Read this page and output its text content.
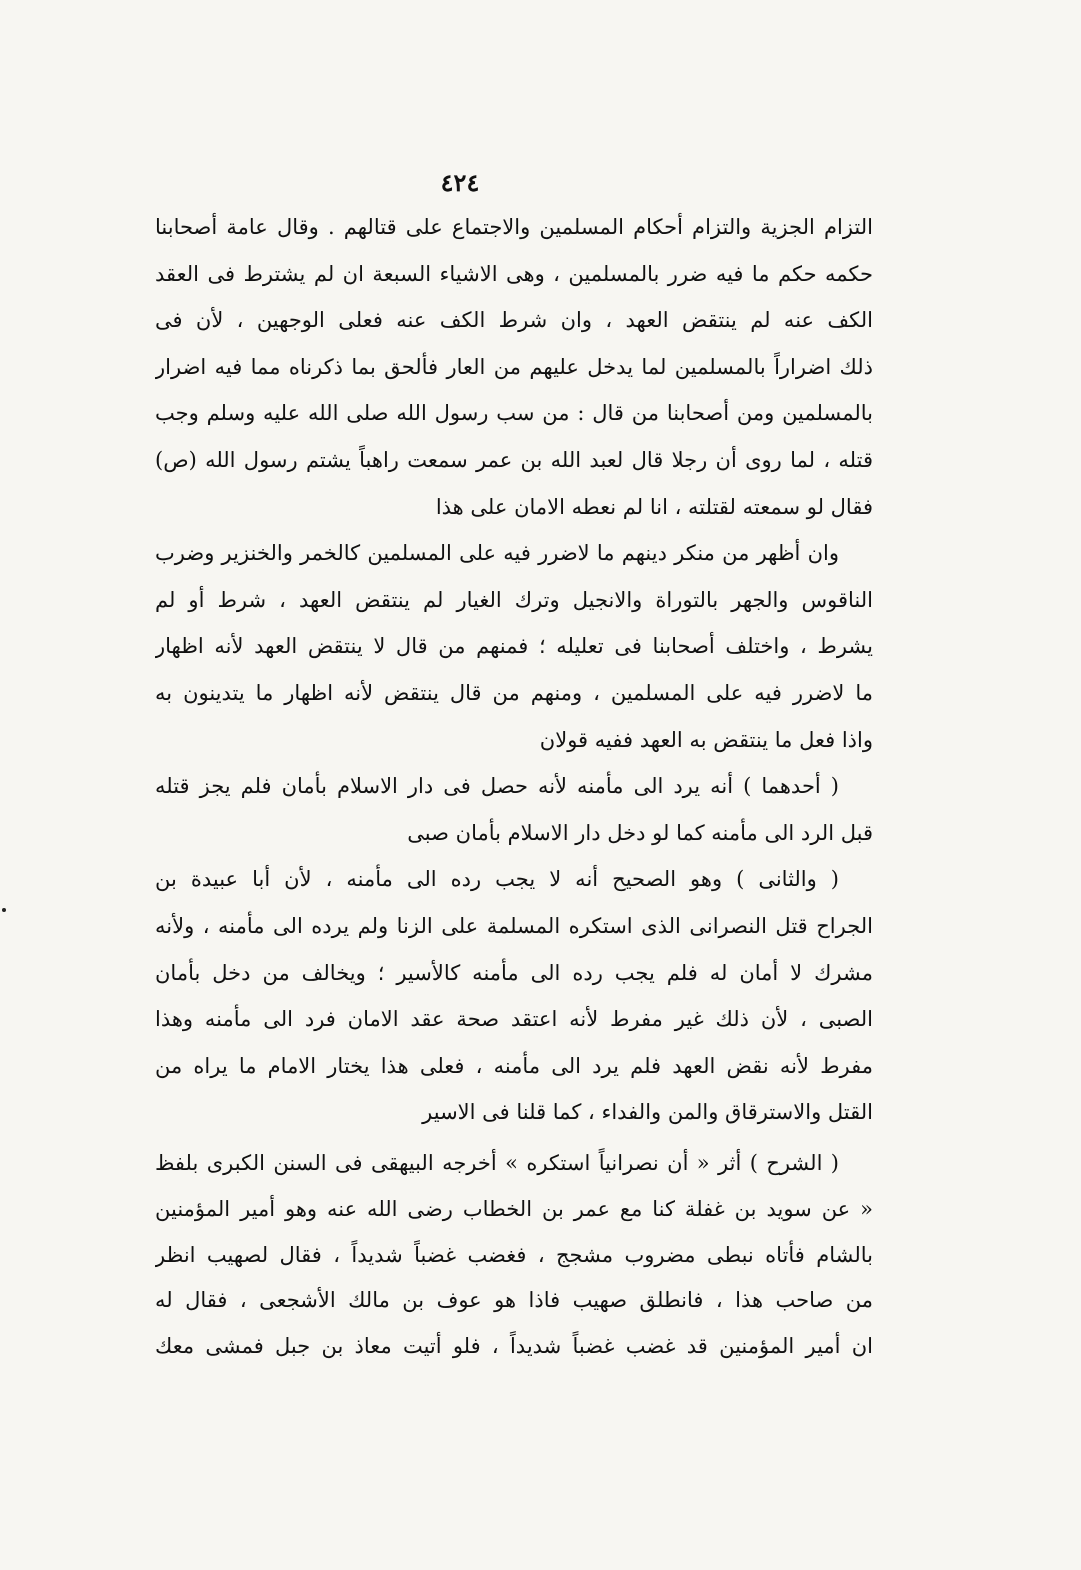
٤٢٤
التزام الجزية والتزام أحكام المسلمين والاجتماع على قتالهم . وقال عامة أصحابنا
حكمه حكم ما فيه ضرر بالمسلمين ، وهى الاشياء السبعة ان لم يشترط فى العقد
الكف عنه لم ينتقض العهد ، وان شرط الكف عنه فعلى الوجهين ، لأن فى
ذلك اضراراً بالمسلمين لما يدخل عليهم من العار فألحق بما ذكرناه مما فيه اضرار
بالمسلمين ومن أصحابنا من قال : من سب رسول الله صلى الله عليه وسلم وجب
قتله ، لما روى أن رجلا قال لعبد الله بن عمر سمعت راهباً يشتم رسول الله (ص)
فقال لو سمعته لقتلته ، انا لم نعطه الامان على هذا
وان أظهر من منكر دينهم ما لاضرر فيه على المسلمين كالخمر والخنزير وضرب
الناقوس والجهر بالتوراة والانجيل وترك الغيار لم ينتقض العهد ، شرط أو لم
يشرط ، واختلف أصحابنا فى تعليله ؛ فمنهم من قال لا ينتقض العهد لأنه اظهار
ما لاضرر فيه على المسلمين ، ومنهم من قال ينتقض لأنه اظهار ما يتدينون به
واذا فعل ما ينتقض به العهد ففيه قولان
( أحدهما ) أنه يرد الى مأمنه لأنه حصل فى دار الاسلام بأمان فلم يجز قتله
قبل الرد الى مأمنه كما لو دخل دار الاسلام بأمان صبى
( والثانى ) وهو الصحيح أنه لا يجب رده الى مأمنه ، لأن أبا عبيدة بن
الجراح قتل النصرانى الذى استكره المسلمة على الزنا ولم يرده الى مأمنه ، ولأنه
مشرك لا أمان له فلم يجب رده الى مأمنه كالأسير ؛ ويخالف من دخل بأمان
الصبى ، لأن ذلك غير مفرط لأنه اعتقد صحة عقد الامان فرد الى مأمنه وهذا
مفرط لأنه نقض العهد فلم يرد الى مأمنه ، فعلى هذا يختار الامام ما يراه من
القتل والاسترقاق والمن والفداء ، كما قلنا فى الاسير
( الشرح ) أثر « أن نصرانياً استكره » أخرجه البيهقى فى السنن الكبرى بلفظ
« عن سويد بن غفلة كنا مع عمر بن الخطاب رضى الله عنه وهو أمير المؤمنين
بالشام فأتاه نبطى مضروب مشجج ، فغضب غضباً شديداً ، فقال لصهيب انظر
من صاحب هذا ، فانطلق صهيب فاذا هو عوف بن مالك الأشجعى ، فقال له
ان أمير المؤمنين قد غضب غضباً شديداً ، فلو أتيت معاذ بن جبل فمشى معك
